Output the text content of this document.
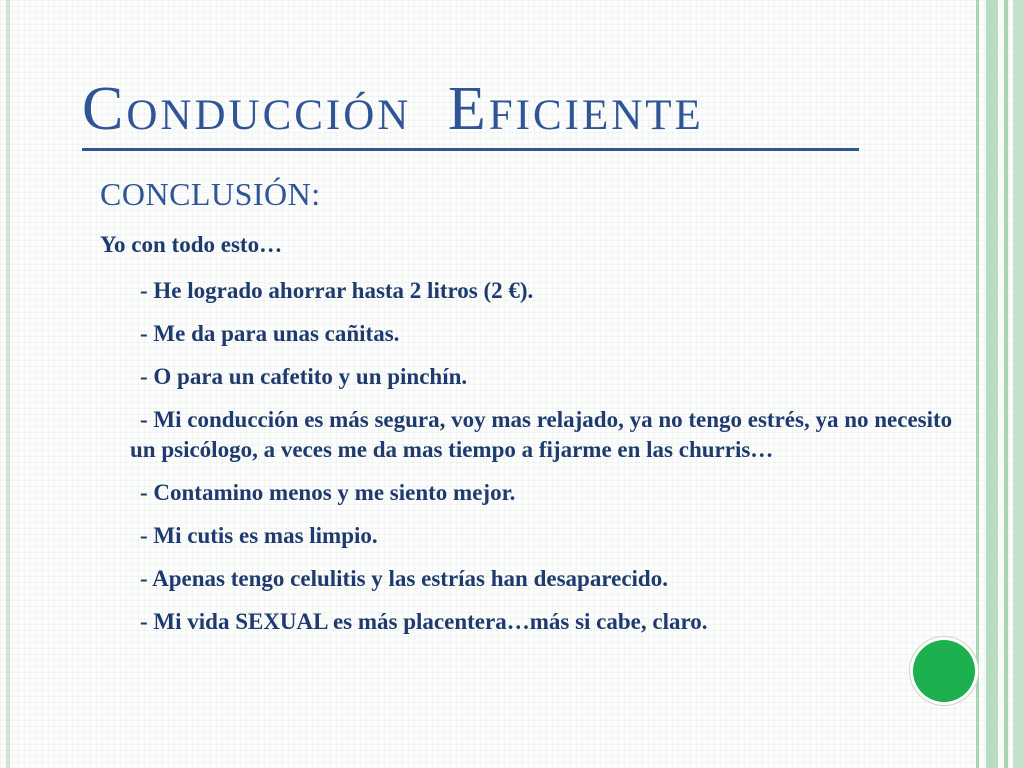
Conducción Eficiente
CONCLUSIÓN:
Yo con todo esto…
- He logrado ahorrar hasta 2 litros (2 €).
- Me da para unas cañitas.
- O para un cafetito y un pinchín.
- Mi conducción es más segura, voy mas relajado, ya no tengo estrés, ya no necesito un psicólogo, a veces me da mas tiempo a fijarme en las churris…
- Contamino menos y me siento mejor.
- Mi cutis es mas limpio.
- Apenas tengo celulitis y las estrías han desaparecido.
- Mi vida SEXUAL es más placentera…más si cabe, claro.
